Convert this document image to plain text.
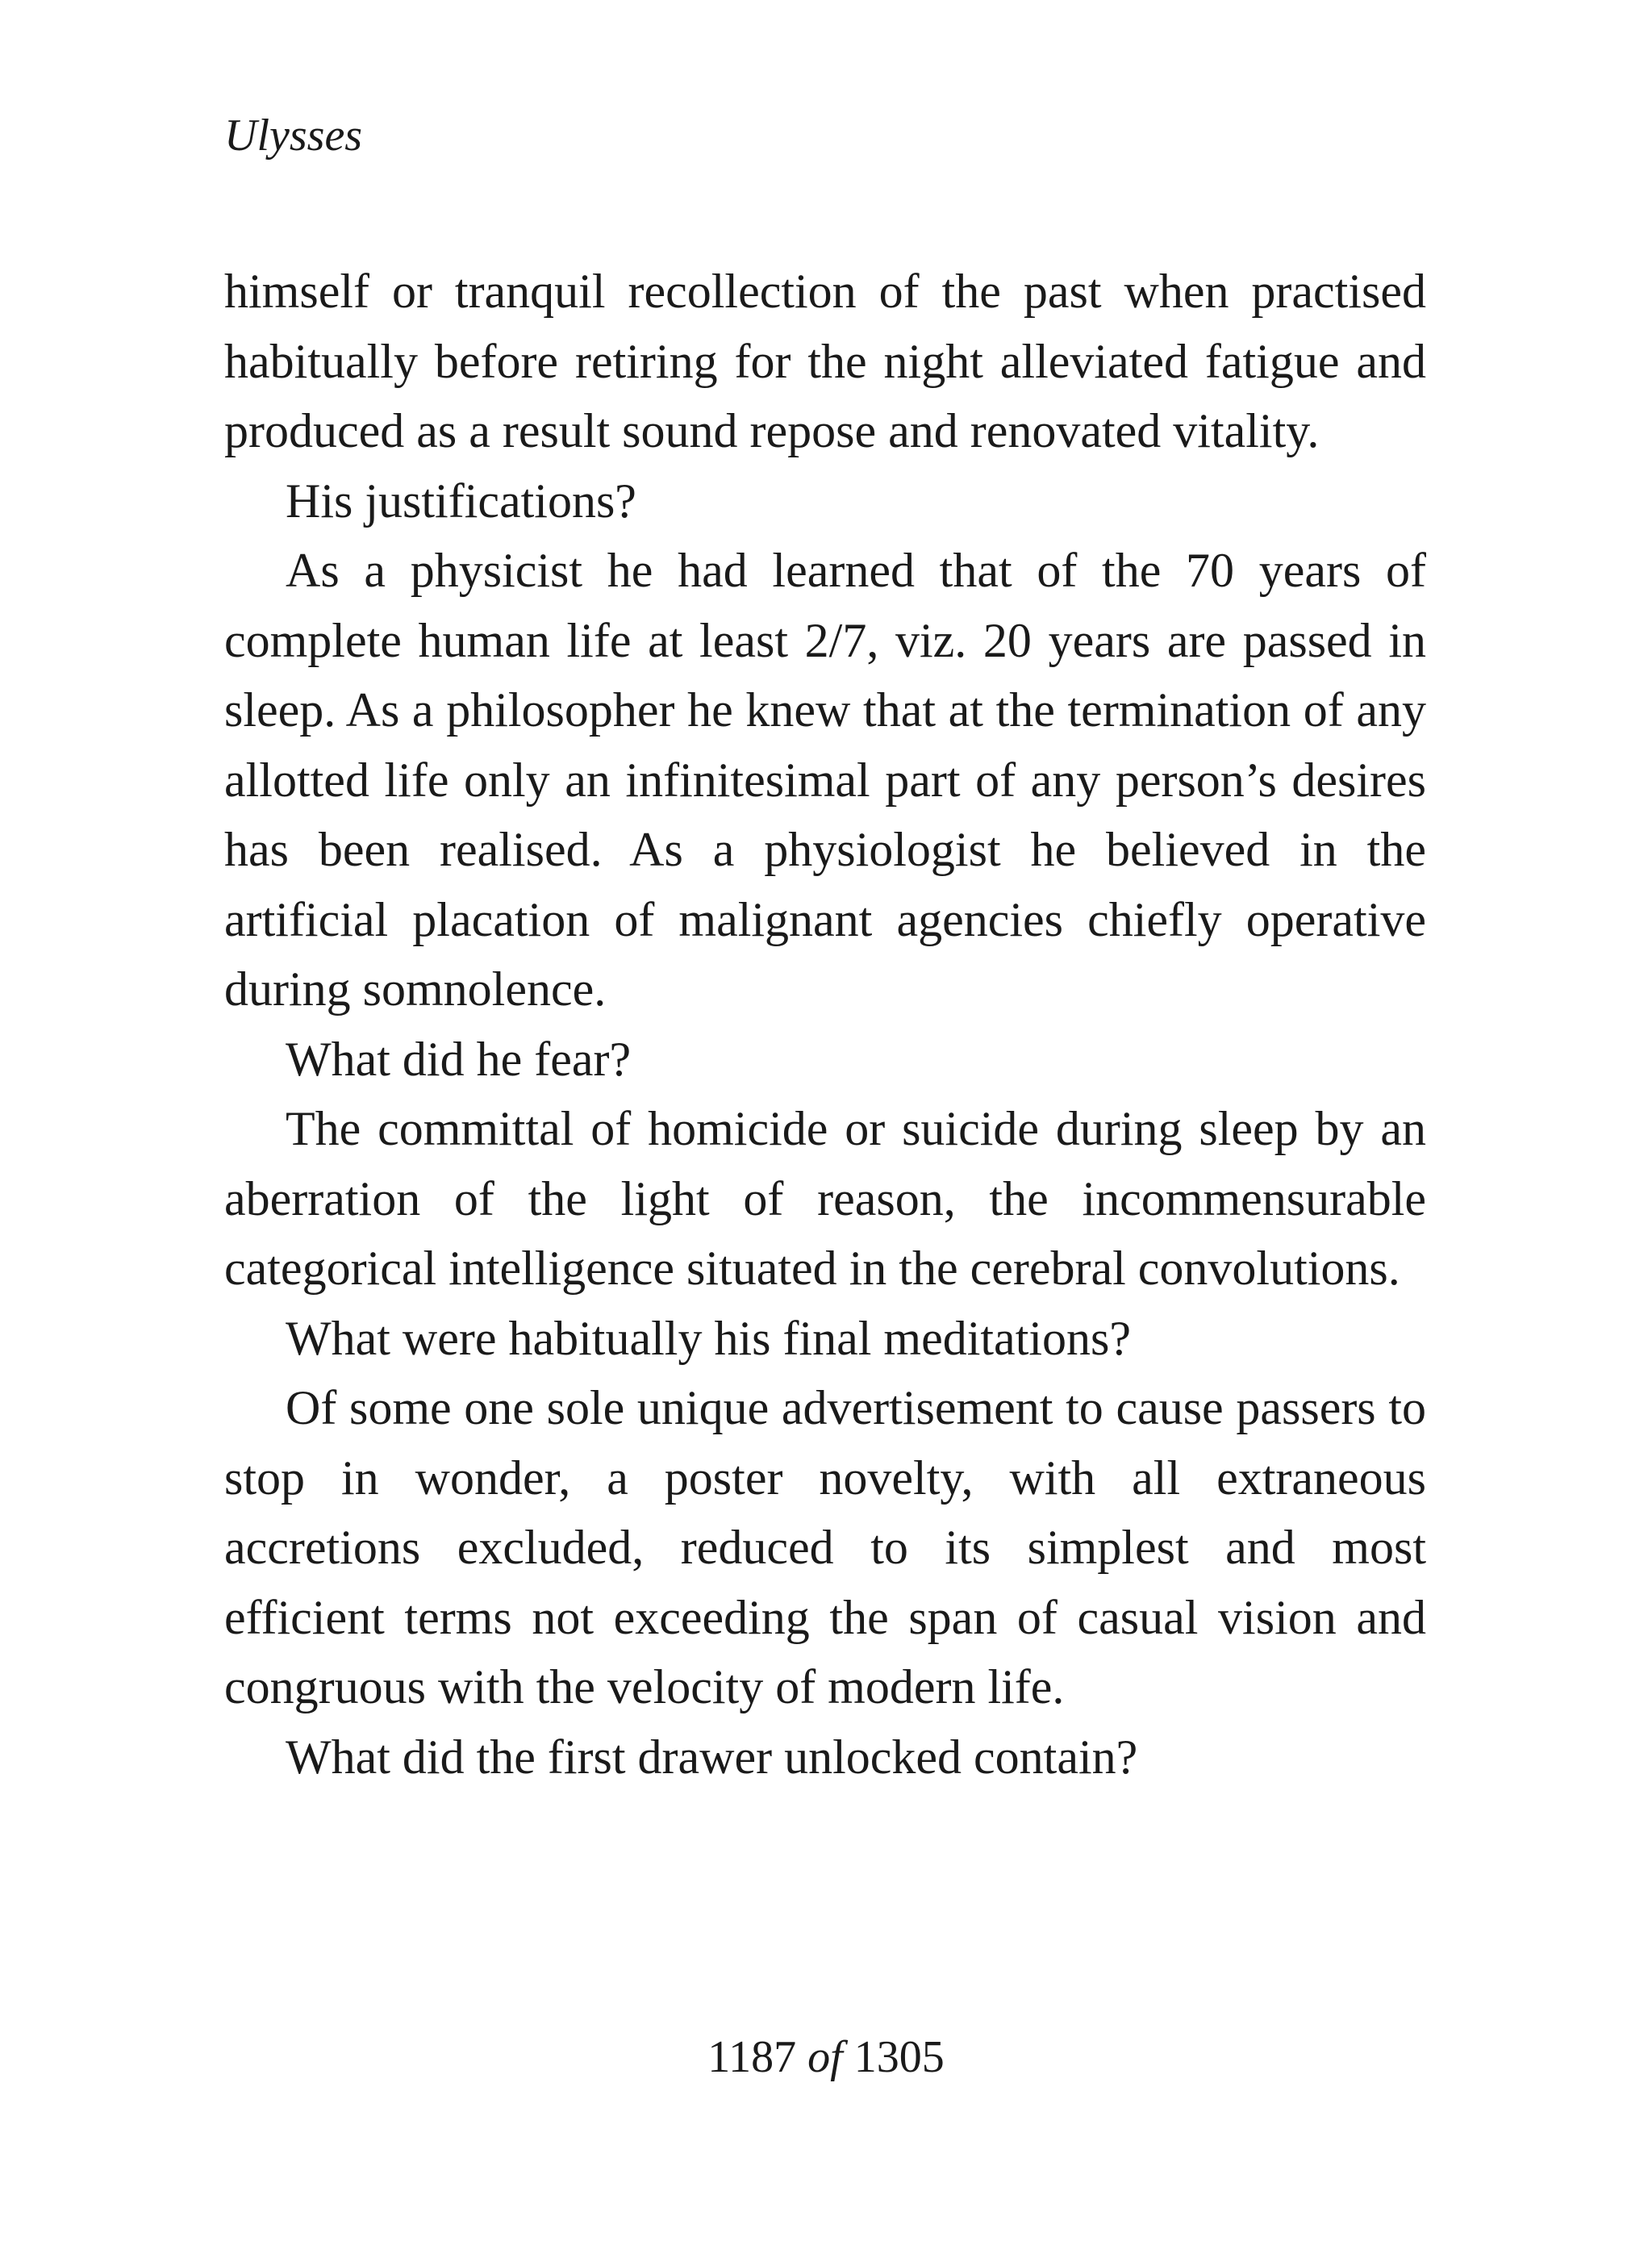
Ulysses

himself or tranquil recollection of the past when practised habitually before retiring for the night alleviated fatigue and produced as a result sound repose and renovated vitality.

His justifications?

As a physicist he had learned that of the 70 years of complete human life at least 2/7, viz. 20 years are passed in sleep. As a philosopher he knew that at the termination of any allotted life only an infinitesimal part of any person’s desires has been realised. As a physiologist he believed in the artificial placation of malignant agencies chiefly operative during somnolence.

What did he fear?

The committal of homicide or suicide during sleep by an aberration of the light of reason, the incommensurable categorical intelligence situated in the cerebral convolutions.

What were habitually his final meditations?

Of some one sole unique advertisement to cause passers to stop in wonder, a poster novelty, with all extraneous accretions excluded, reduced to its simplest and most efficient terms not exceeding the span of casual vision and congruous with the velocity of modern life.

What did the first drawer unlocked contain?

1187 of 1305
